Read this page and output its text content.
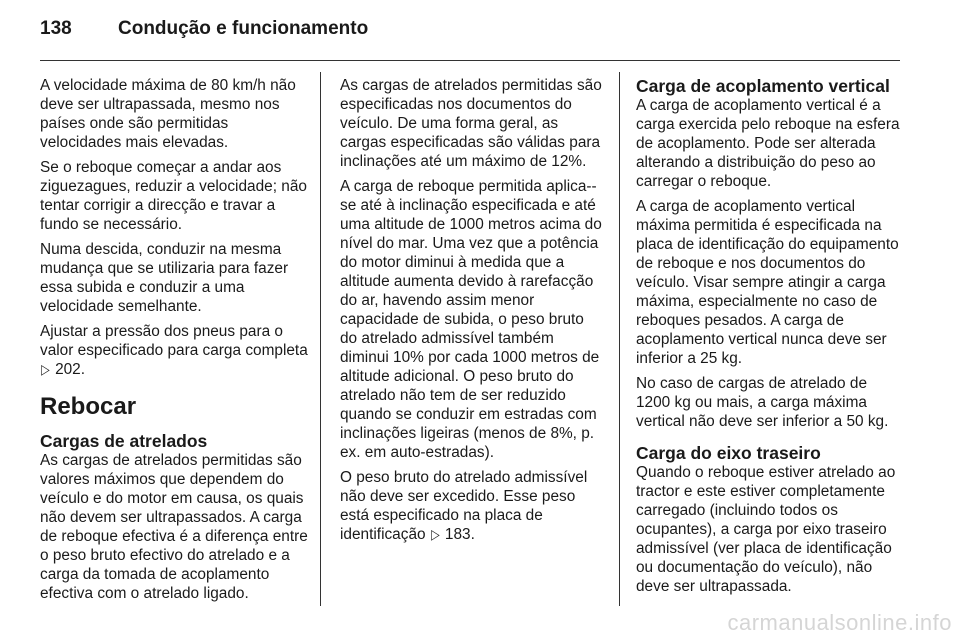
138	Condução e funcionamento

A velocidade máxima de 80 km/h não deve ser ultrapassada, mesmo nos países onde são permitidas velocidades mais elevadas.

Se o reboque começar a andar aos ziguezagues, reduzir a velocidade; não tentar corrigir a direcção e travar a fundo se necessário.

Numa descida, conduzir na mesma mudança que se utilizaria para fazer essa subida e conduzir a uma velocidade semelhante.

Ajustar a pressão dos pneus para o valor especificado para carga completa ▷ 202.

Rebocar
Cargas de atrelados

As cargas de atrelados permitidas são valores máximos que dependem do veículo e do motor em causa, os quais não devem ser ultrapassados. A carga de reboque efectiva é a diferença entre o peso bruto efectivo do atrelado e a carga da tomada de acoplamento efectiva com o atrelado ligado.

As cargas de atrelados permitidas são especificadas nos documentos do veículo. De uma forma geral, as cargas especificadas são válidas para inclinações até um máximo de 12%.

A carga de reboque permitida aplica--se até à inclinação especificada e até uma altitude de 1000 metros acima do nível do mar. Uma vez que a potência do motor diminui à medida que a altitude aumenta devido à rarefacção do ar, havendo assim menor capacidade de subida, o peso bruto do atrelado admissível também diminui 10% por cada 1000 metros de altitude adicional. O peso bruto do atrelado não tem de ser reduzido quando se conduzir em estradas com inclinações ligeiras (menos de 8%, p. ex. em auto-estradas).

O peso bruto do atrelado admissível não deve ser excedido. Esse peso está especificado na placa de identificação ▷ 183.

Carga de acoplamento vertical

A carga de acoplamento vertical é a carga exercida pelo reboque na esfera de acoplamento. Pode ser alterada alterando a distribuição do peso ao carregar o reboque.

A carga de acoplamento vertical máxima permitida é especificada na placa de identificação do equipamento de reboque e nos documentos do veículo. Visar sempre atingir a carga máxima, especialmente no caso de reboques pesados. A carga de acoplamento vertical nunca deve ser inferior a 25 kg.

No caso de cargas de atrelado de 1200 kg ou mais, a carga máxima vertical não deve ser inferior a 50 kg.

Carga do eixo traseiro

Quando o reboque estiver atrelado ao tractor e este estiver completamente carregado (incluindo todos os ocupantes), a carga por eixo traseiro admissível (ver placa de identificação ou documentação do veículo), não deve ser ultrapassada.

carmanualsonline.info
